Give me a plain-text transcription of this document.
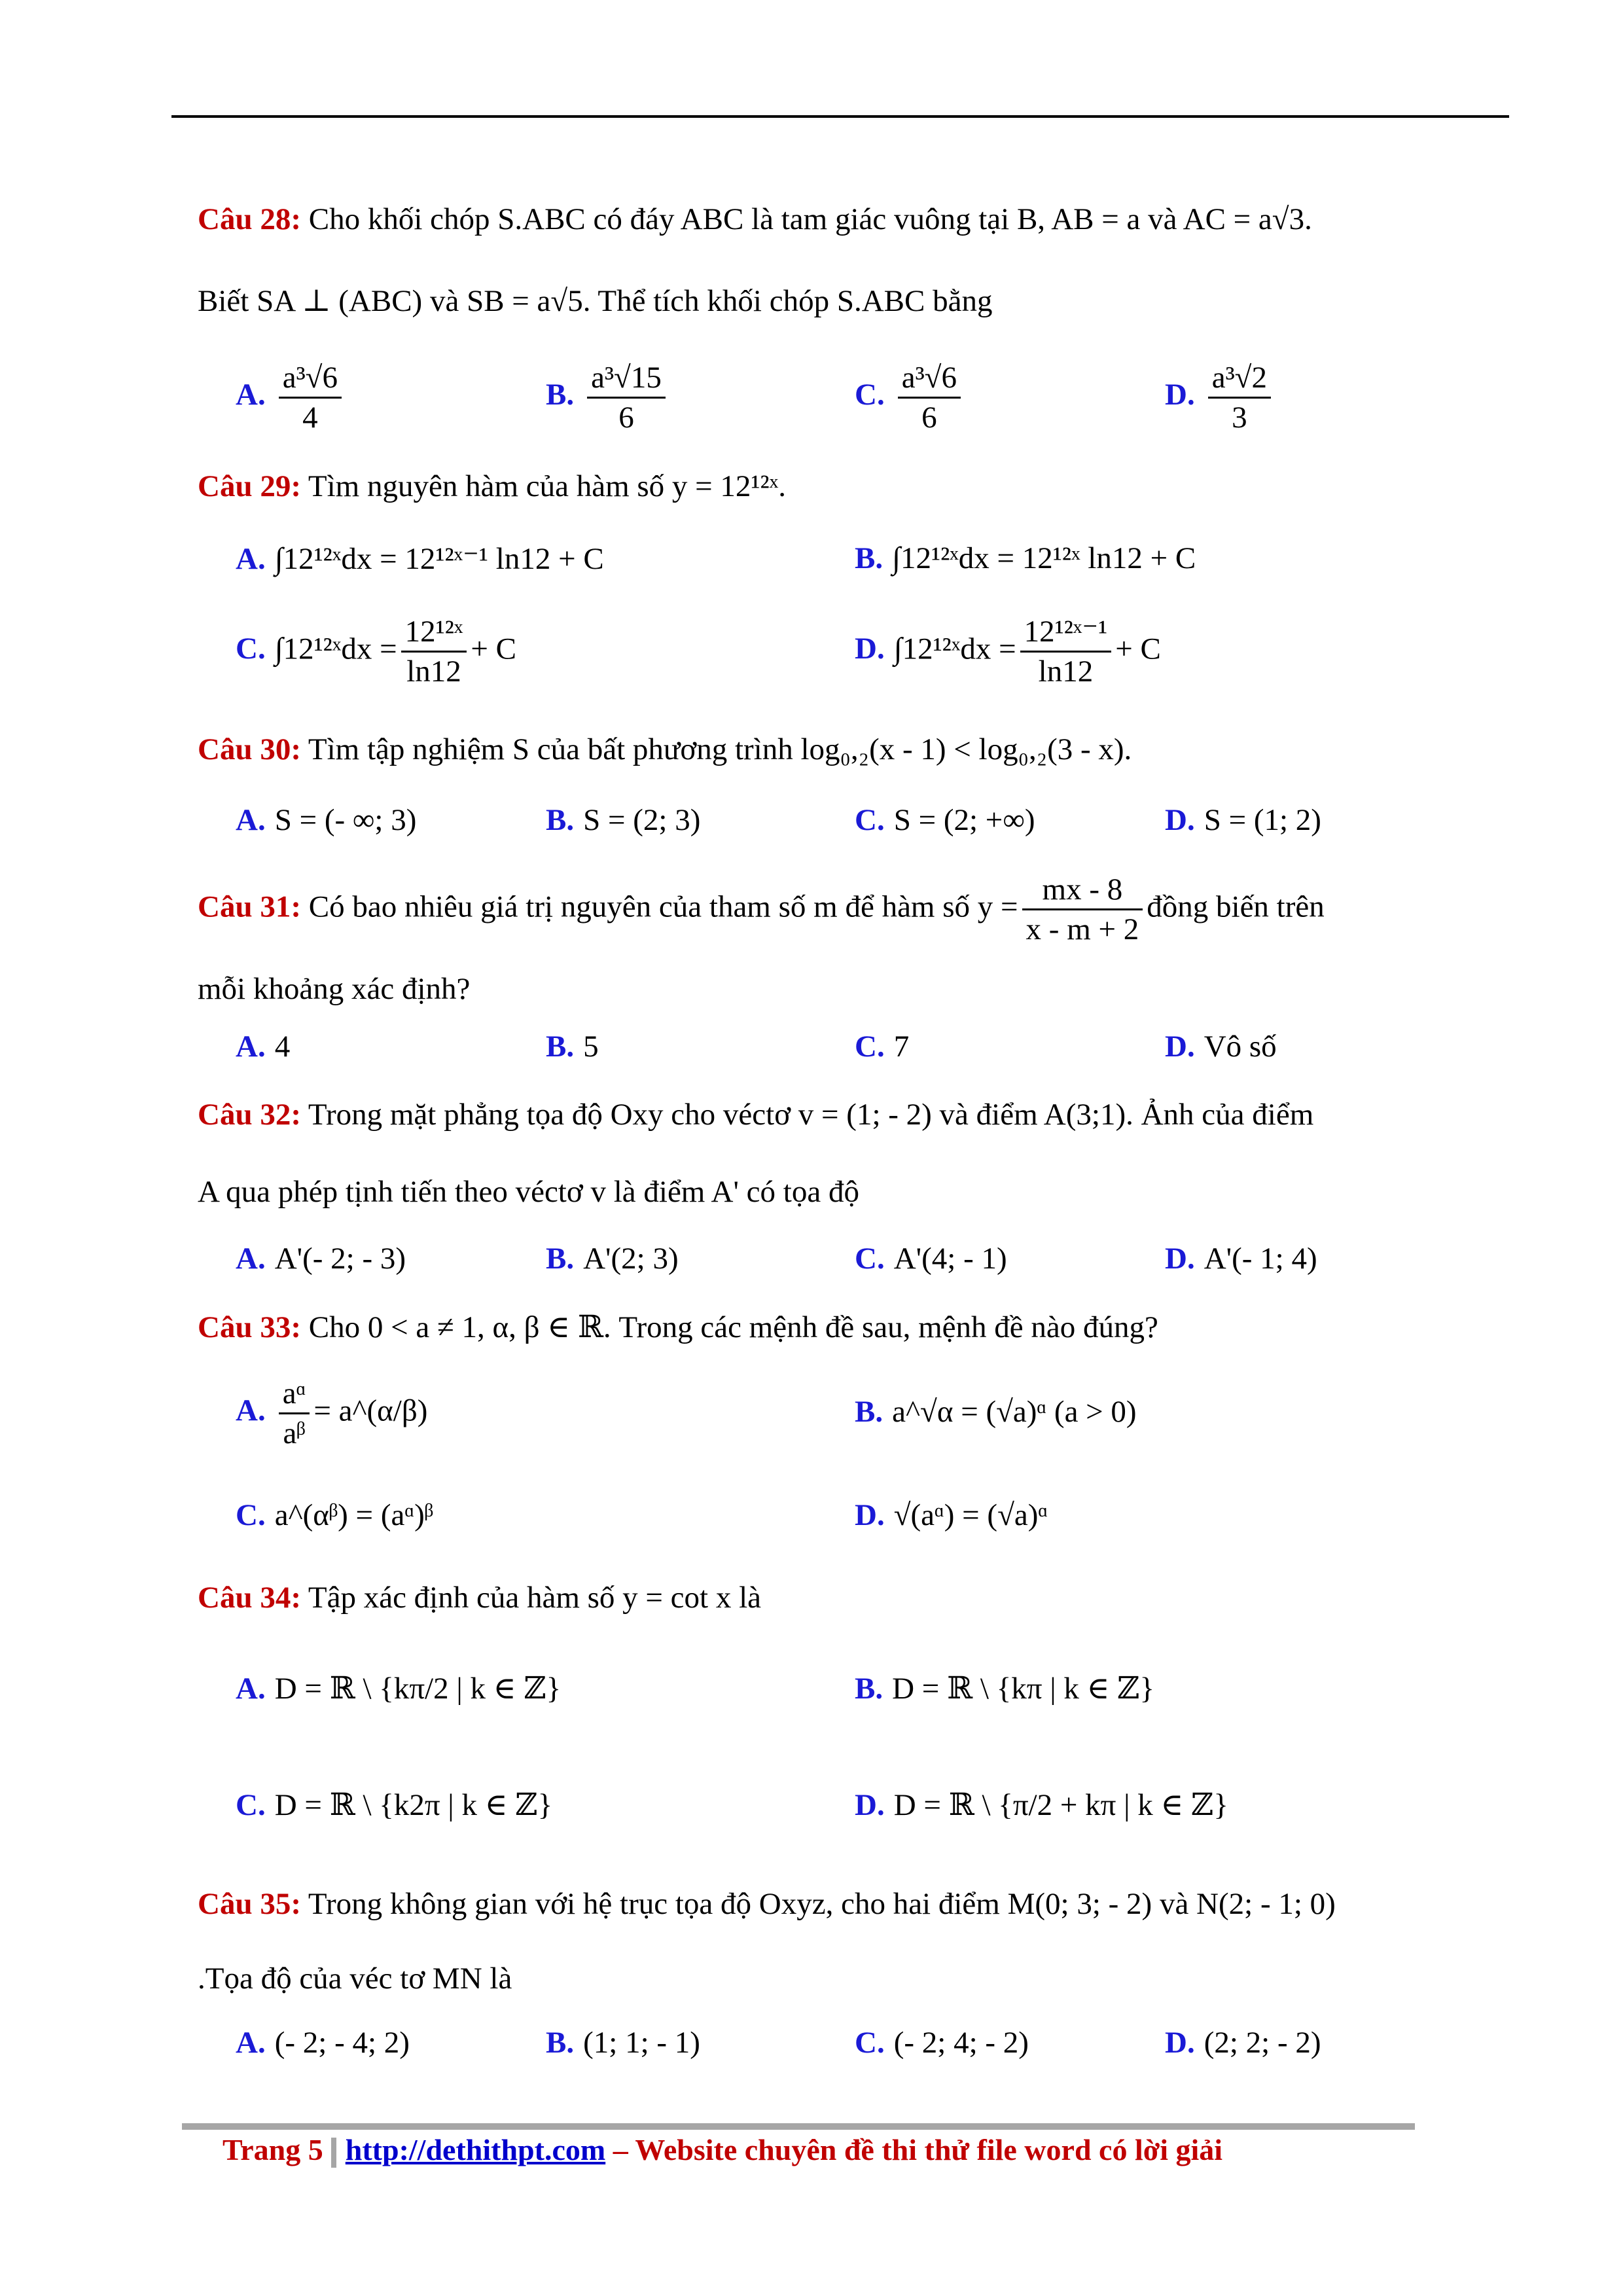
Câu 28: Cho khối chóp S.ABC có đáy ABC là tam giác vuông tại B, AB = a và AC = a√3.
Biết SA ⊥ (ABC) và SB = a√5. Thể tích khối chóp S.ABC bằng
A. $\frac{\text{a³√6}}{4}$	B. $\frac{\text{a³√15}}{6}$	C. $\frac{\text{a³√6}}{6}$	D. $\frac{\text{a³√2}}{3}$
Câu 29: Tìm nguyên hàm của hàm số y = 12¹²ˣ.
A. ∫12¹²ˣdx = 12¹²ˣ⁻¹ ln12 + C	B. ∫12¹²ˣdx = 12¹²ˣ ln12 + C
C. ∫12¹²ˣdx = $\frac{\text{12¹²ˣ}}{\ln 12} + C$	D. ∫12¹²ˣdx = $\frac{\text{12¹²ˣ⁻¹}}{\ln 12} + C$
Câu 30: Tìm tập nghiệm S của bất phương trình log₀,₂(x - 1) < log₀,₂(3 - x).
A. S = (- ∞; 3)	B. S = (2; 3)	C. S = (2; +∞)	D. S = (1; 2)
Câu 31: Có bao nhiêu giá trị nguyên của tham số m để hàm số $y = \frac{mx - 8}{x - m + 2}$ đồng biến trên
mỗi khoảng xác định?
A. 4	B. 5	C. 7	D. Vô số
Câu 32: Trong mặt phẳng tọa độ Oxy cho véctơ v = (1; - 2) và điểm A(3;1). Ảnh của điểm
A qua phép tịnh tiến theo véctơ v là điểm A' có tọa độ
A. A'(- 2; - 3)	B. A'(2; 3)	C. A'(4; - 1)	D. A'(- 1; 4)
Câu 33: Cho 0 < a ≠ 1, α, β ∈ ℝ. Trong các mệnh đề sau, mệnh đề nào đúng?
A. $\frac{\text{aᵅ}}{\text{aᵝ}}$ = a^(α/β)	B. a^√α = (√a)ᵅ (a > 0)
C. a^(αᵝ) = (aᵅ)ᵝ	D. √(aᵅ) = (√a)ᵅ
Câu 34: Tập xác định của hàm số y = cot x là
A. D = ℝ \ {kπ/2 | k ∈ ℤ}	B. D = ℝ \ {kπ | k ∈ ℤ}
C. D = ℝ \ {k2π | k ∈ ℤ}	D. D = ℝ \ {π/2 + kπ | k ∈ ℤ}
Câu 35: Trong không gian với hệ trục tọa độ Oxyz, cho hai điểm M(0; 3; - 2) và N(2; - 1; 0)
.Tọa độ của véc tơ MN là
A. (- 2; - 4; 2)	B. (1; 1; - 1)	C. (- 2; 4; - 2)	D. (2; 2; - 2)
Trang 5 http://dethithpt.com – Website chuyên đề thi thử file word có lời giải
